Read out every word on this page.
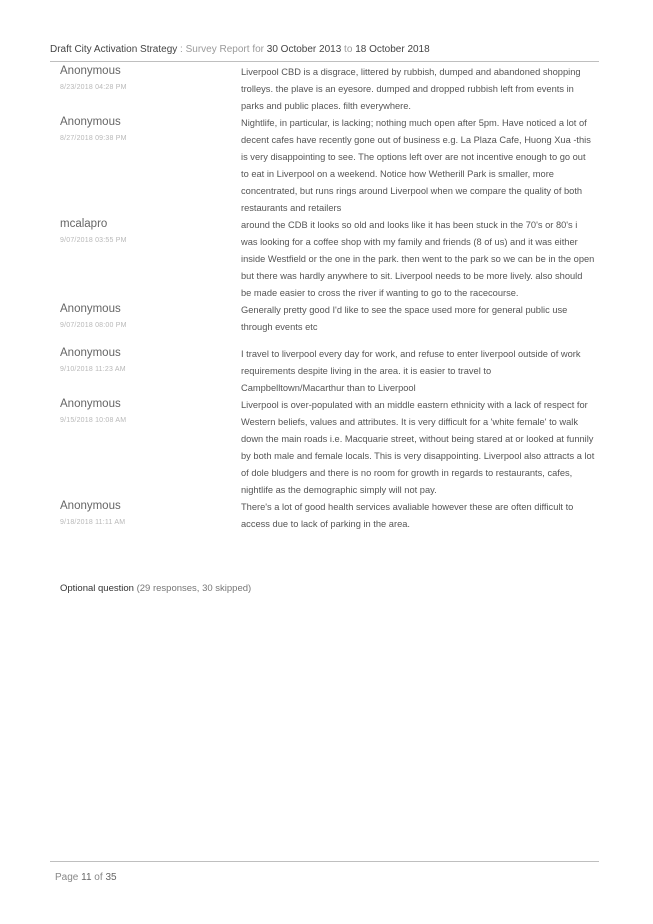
Draft City Activation Strategy : Survey Report for 30 October 2013 to 18 October 2018
Anonymous
8/23/2018 04:28 PM
Liverpool CBD is a disgrace, littered by rubbish, dumped and abandoned shopping trolleys. the plave is an eyesore. dumped and dropped rubbish left from events in parks and public places. filth everywhere.
Anonymous
8/27/2018 09:38 PM
Nightlife, in particular, is lacking; nothing much open after 5pm. Have noticed a lot of decent cafes have recently gone out of business e.g. La Plaza Cafe, Huong Xua -this is very disappointing to see. The options left over are not incentive enough to go out to eat in Liverpool on a weekend. Notice how Wetherill Park is smaller, more concentrated, but runs rings around Liverpool when we compare the quality of both restaurants and retailers
mcalapro
9/07/2018 03:55 PM
around the CDB it looks so old and looks like it has been stuck in the 70's or 80's i was looking for a coffee shop with my family and friends (8 of us) and it was either inside Westfield or the one in the park. then went to the park so we can be in the open but there was hardly anywhere to sit. Liverpool needs to be more lively. also should be made easier to cross the river if wanting to go to the racecourse.
Anonymous
9/07/2018 08:00 PM
Generally pretty good I'd like to see the space used more for general public use through events etc
Anonymous
9/10/2018 11:23 AM
I travel to liverpool every day for work, and refuse to enter liverpool outside of work requirements despite living in the area. it is easier to travel to Campbelltown/Macarthur than to Liverpool
Anonymous
9/15/2018 10:08 AM
Liverpool is over-populated with an middle eastern ethnicity with a lack of respect for Western beliefs, values and attributes. It is very difficult for a 'white female' to walk down the main roads i.e. Macquarie street, without being stared at or looked at funnily by both male and female locals. This is very disappointing. Liverpool also attracts a lot of dole bludgers and there is no room for growth in regards to restaurants, cafes, nightlife as the demographic simply will not pay.
Anonymous
9/18/2018 11:11 AM
There's a lot of good health services avaliable however these are often difficult to access due to lack of parking in the area.
Optional question (29 responses, 30 skipped)
Page 11 of 35
